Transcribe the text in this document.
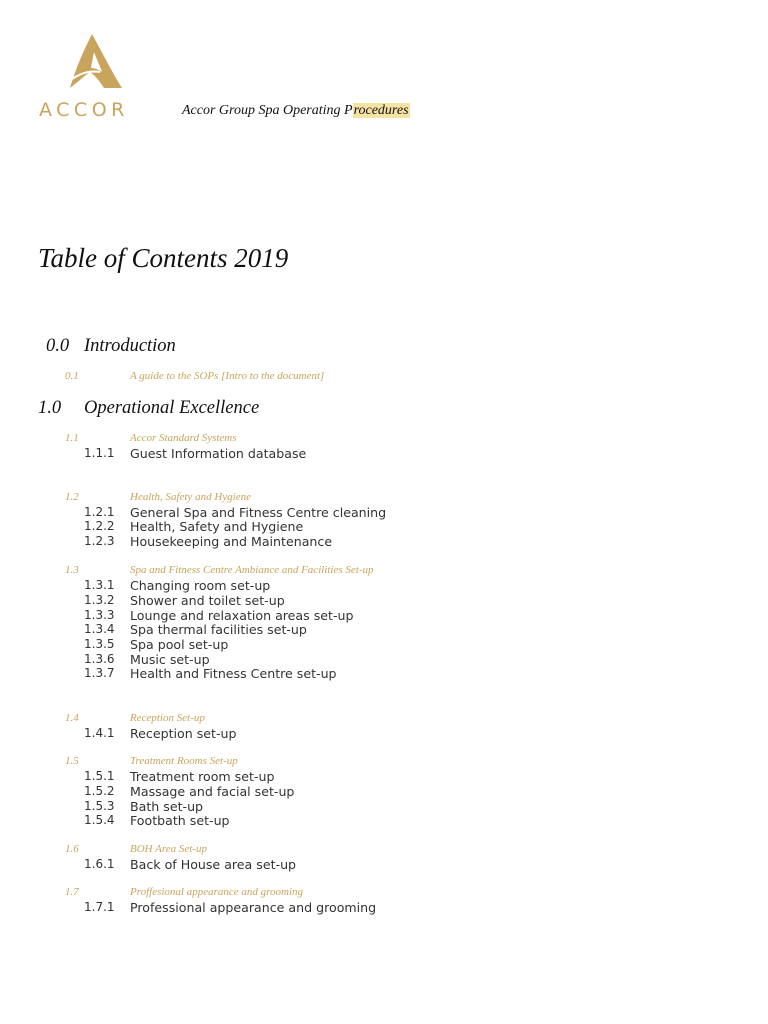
ACCOR	Accor Group Spa Operating Procedures
Table of Contents 2019
0.0 Introduction
0.1	A guide to the SOPs [Intro to the document]
1.0 Operational Excellence
1.1	Accor Standard Systems
1.1.1 Guest Information database
1.2	Health, Safety and Hygiene
1.2.1 General Spa and Fitness Centre cleaning
1.2.2 Health, Safety and Hygiene
1.2.3 Housekeeping and Maintenance
1.3	Spa and Fitness Centre Ambiance and Facilities Set-up
1.3.1 Changing room set-up
1.3.2 Shower and toilet set-up
1.3.3 Lounge and relaxation areas set-up
1.3.4 Spa thermal facilities set-up
1.3.5 Spa pool set-up
1.3.6 Music set-up
1.3.7 Health and Fitness Centre set-up
1.4	Reception Set-up
1.4.1 Reception set-up
1.5	Treatment Rooms Set-up
1.5.1 Treatment room set-up
1.5.2 Massage and facial set-up
1.5.3 Bath set-up
1.5.4 Footbath set-up
1.6	BOH Area Set-up
1.6.1 Back of House area set-up
1.7	Proffesional appearance and grooming
1.7.1 Professional appearance and grooming
